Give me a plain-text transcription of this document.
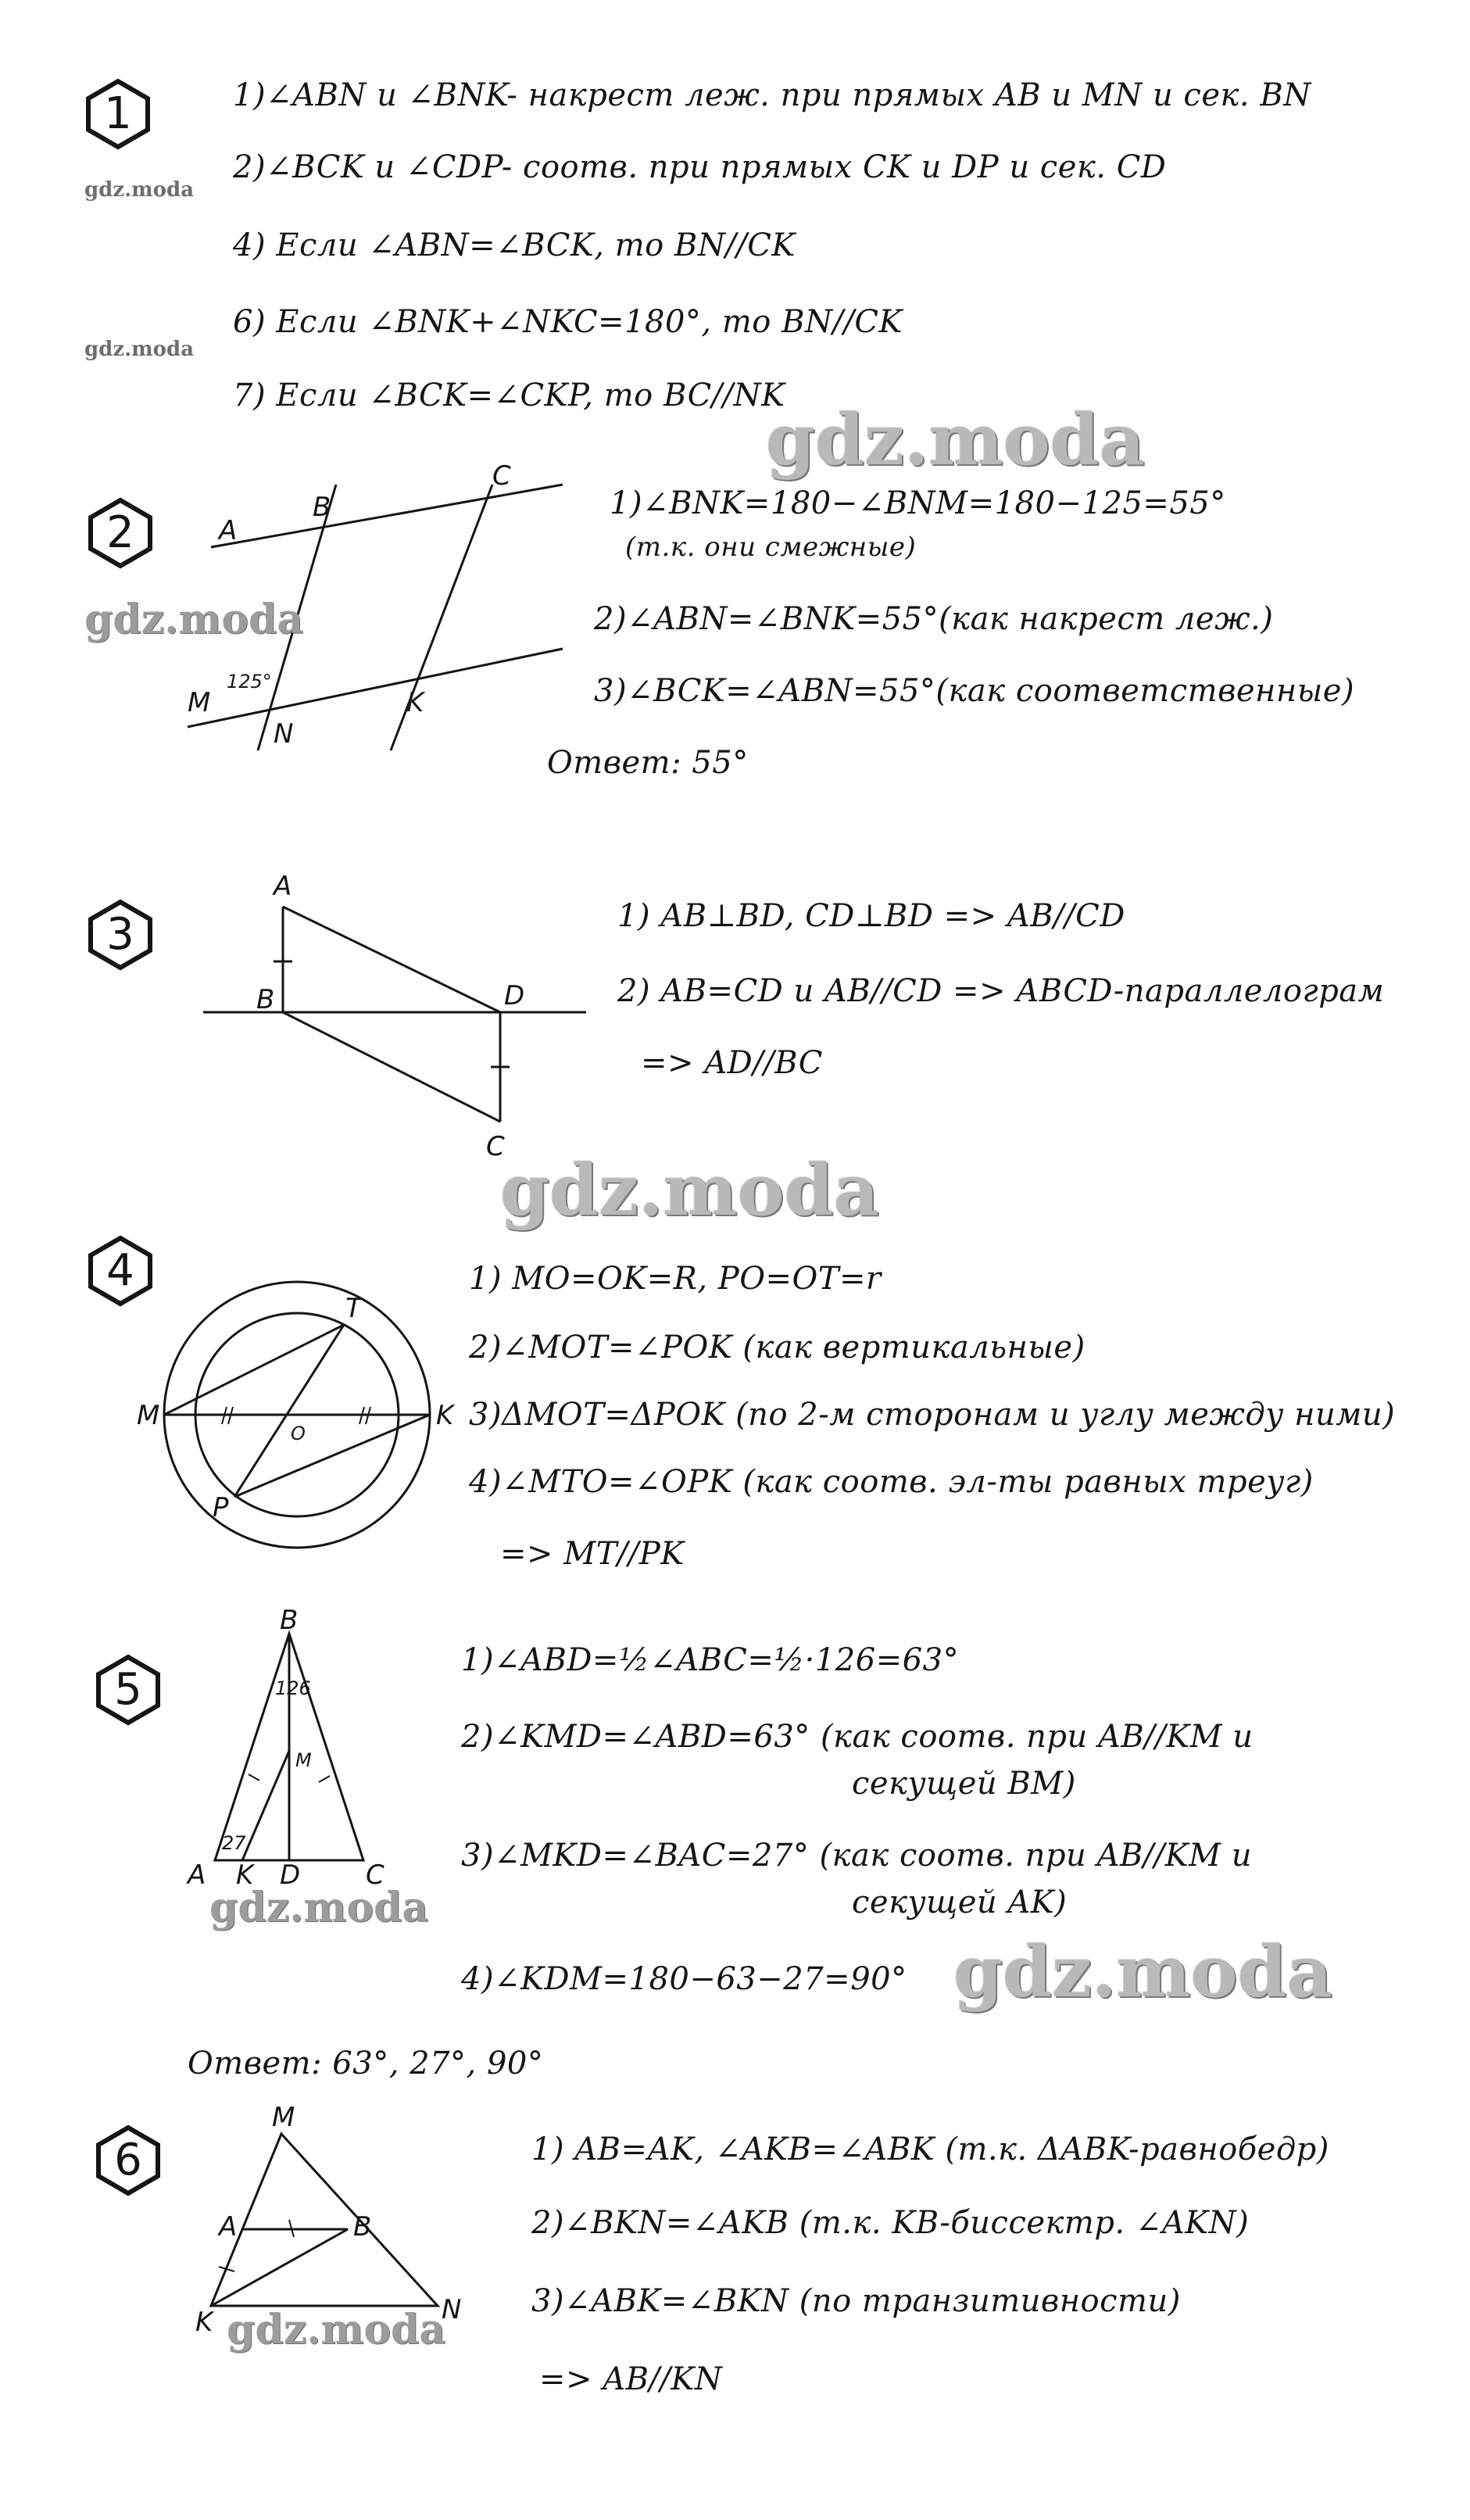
1
2
3
4
5
6
1)∠ABN и ∠BNK- накрест леж. при прямых AB и MN и сек. BN
2)∠BCK и ∠CDP- соотв. при прямых CK и DP и сек. CD
4) Если ∠ABN=∠BCK, то BN//CK
6) Если ∠BNK+∠NKC=180°, то BN//CK
7) Если ∠BCK=∠CKP, то BC//NK
A
B
C
M
N
K
125°
1)∠BNK=180−∠BNM=180−125=55°
(т.к. они смежные)
2)∠ABN=∠BNK=55°(как накрест леж.)
3)∠BCK=∠ABN=55°(как соответственные)
Ответ: 55°
A
B	D
C
1) AB⊥BD, CD⊥BD => AB//CD
2) AB=CD и AB//CD => ABCD-параллелограм
=> AD//BC
M	K
T
P
O
1) MO=OK=R, PO=OT=r
2)∠MOT=∠POK (как вертикальные)
3)ΔMOT=ΔPOK (по 2-м сторонам и углу между ними)
4)∠MTO=∠OPK (как соотв. эл-ты равных треуг)
=> MT//PK
B
M
A K D C
126
27
1)∠ABD=½∠ABC=½·126=63°
2)∠KMD=∠ABD=63° (как соотв. при AB//KM и
секущей BM)
3)∠MKD=∠BAC=27° (как соотв. при AB//KM и
секущей AK)
4)∠KDM=180−63−27=90°
Ответ: 63°, 27°, 90°
M
A	B
K	N
1) AB=AK, ∠AKB=∠ABK (т.к. ΔABK-равнобедр)
2)∠BKN=∠AKB (т.к. KB-биссектр. ∠AKN)
3)∠ABK=∠BKN (по транзитивности)
=> AB//KN
gdz.moda
gdz.moda
gdz.moda
gdz.moda
gdz.moda
gdz.moda
gdz.moda
gdz.moda
